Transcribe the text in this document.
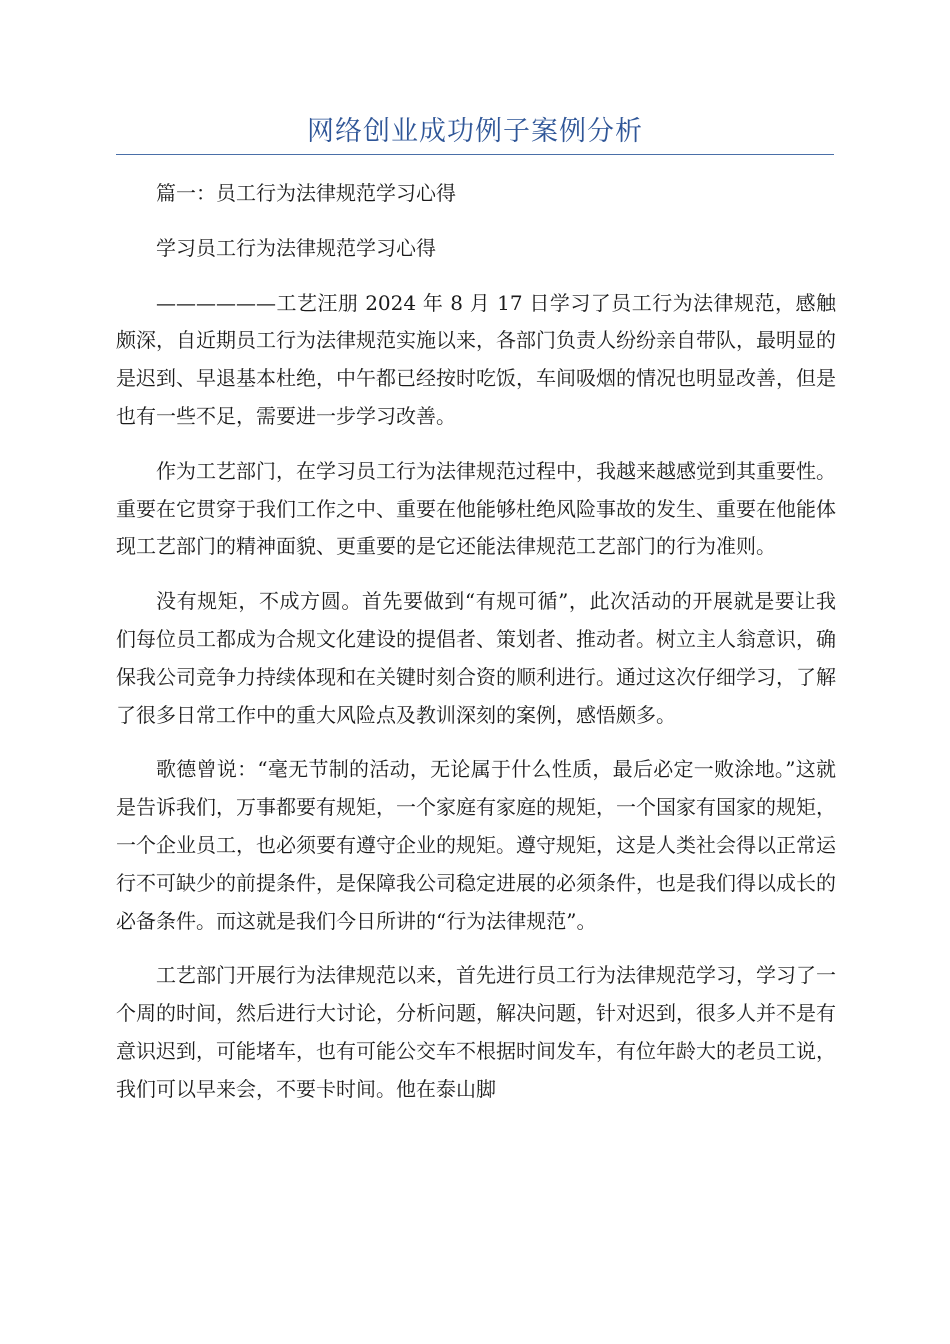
网络创业成功例子案例分析

篇一：员工行为法律规范学习心得

学习员工行为法律规范学习心得

——————工艺汪朋 2024 年 8 月 17 日学习了员工行为法律规范，感触颇深，自近期员工行为法律规范实施以来，各部门负责人纷纷亲自带队，最明显的是迟到、早退基本杜绝，中午都已经按时吃饭，车间吸烟的情况也明显改善，但是也有一些不足，需要进一步学习改善。

作为工艺部门，在学习员工行为法律规范过程中，我越来越感觉到其重要性。重要在它贯穿于我们工作之中、重要在他能够杜绝风险事故的发生、重要在他能体现工艺部门的精神面貌、更重要的是它还能法律规范工艺部门的行为准则。

没有规矩，不成方圆。首先要做到“有规可循”，此次活动的开展就是要让我们每位员工都成为合规文化建设的提倡者、策划者、推动者。树立主人翁意识，确保我公司竞争力持续体现和在关键时刻合资的顺利进行。通过这次仔细学习，了解了很多日常工作中的重大风险点及教训深刻的案例，感悟颇多。

歌德曾说：“毫无节制的活动，无论属于什么性质，最后必定一败涂地。”这就是告诉我们，万事都要有规矩，一个家庭有家庭的规矩，一个国家有国家的规矩，一个企业员工，也必须要有遵守企业的规矩。遵守规矩，这是人类社会得以正常运行不可缺少的前提条件，是保障我公司稳定进展的必须条件，也是我们得以成长的必备条件。而这就是我们今日所讲的“行为法律规范”。

工艺部门开展行为法律规范以来，首先进行员工行为法律规范学习，学习了一个周的时间，然后进行大讨论，分析问题，解决问题，针对迟到，很多人并不是有意识迟到，可能堵车，也有可能公交车不根据时间发车，有位年龄大的老员工说，我们可以早来会，不要卡时间。他在泰山脚
